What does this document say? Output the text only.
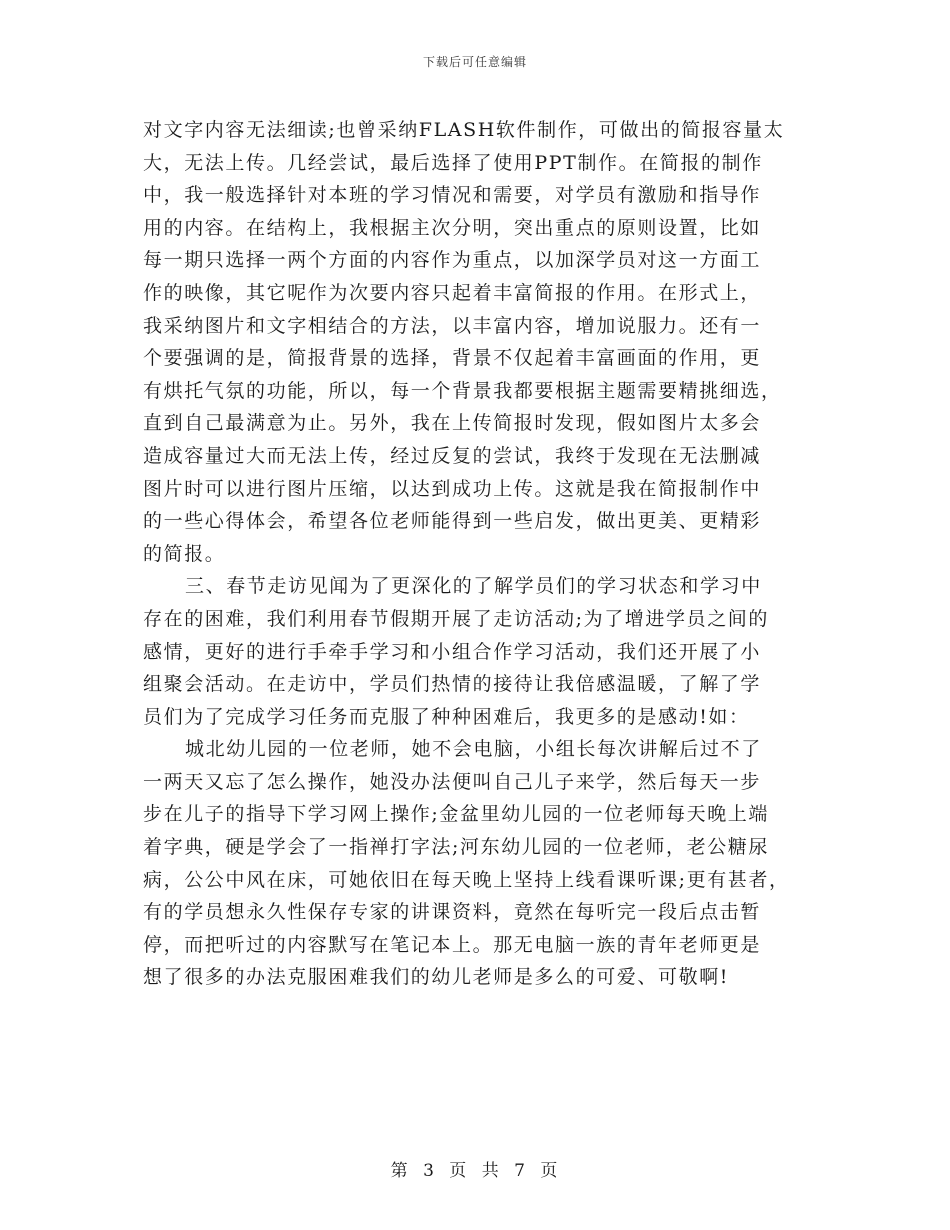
下载后可任意编辑
对文字内容无法细读;也曾采纳FLASH软件制作，可做出的简报容量太
大，无法上传。几经尝试，最后选择了使用PPT制作。在简报的制作
中，我一般选择针对本班的学习情况和需要，对学员有激励和指导作
用的内容。在结构上，我根据主次分明，突出重点的原则设置，比如
每一期只选择一两个方面的内容作为重点，以加深学员对这一方面工
作的映像，其它呢作为次要内容只起着丰富简报的作用。在形式上，
我采纳图片和文字相结合的方法，以丰富内容，增加说服力。还有一
个要强调的是，简报背景的选择，背景不仅起着丰富画面的作用，更
有烘托气氛的功能，所以，每一个背景我都要根据主题需要精挑细选，
直到自己最满意为止。另外，我在上传简报时发现，假如图片太多会
造成容量过大而无法上传，经过反复的尝试，我终于发现在无法删减
图片时可以进行图片压缩，以达到成功上传。这就是我在简报制作中
的一些心得体会，希望各位老师能得到一些启发，做出更美、更精彩
的简报。
三、春节走访见闻为了更深化的了解学员们的学习状态和学习中
存在的困难，我们利用春节假期开展了走访活动;为了增进学员之间的
感情，更好的进行手牵手学习和小组合作学习活动，我们还开展了小
组聚会活动。在走访中，学员们热情的接待让我倍感温暖，了解了学
员们为了完成学习任务而克服了种种困难后，我更多的是感动!如：
城北幼儿园的一位老师，她不会电脑，小组长每次讲解后过不了
一两天又忘了怎么操作，她没办法便叫自己儿子来学，然后每天一步
步在儿子的指导下学习网上操作;金盆里幼儿园的一位老师每天晚上端
着字典，硬是学会了一指禅打字法;河东幼儿园的一位老师，老公糖尿
病，公公中风在床，可她依旧在每天晚上坚持上线看课听课;更有甚者，
有的学员想永久性保存专家的讲课资料，竟然在每听完一段后点击暂
停，而把听过的内容默写在笔记本上。那无电脑一族的青年老师更是
想了很多的办法克服困难我们的幼儿老师是多么的可爱、可敬啊!
第 3 页 共 7 页
